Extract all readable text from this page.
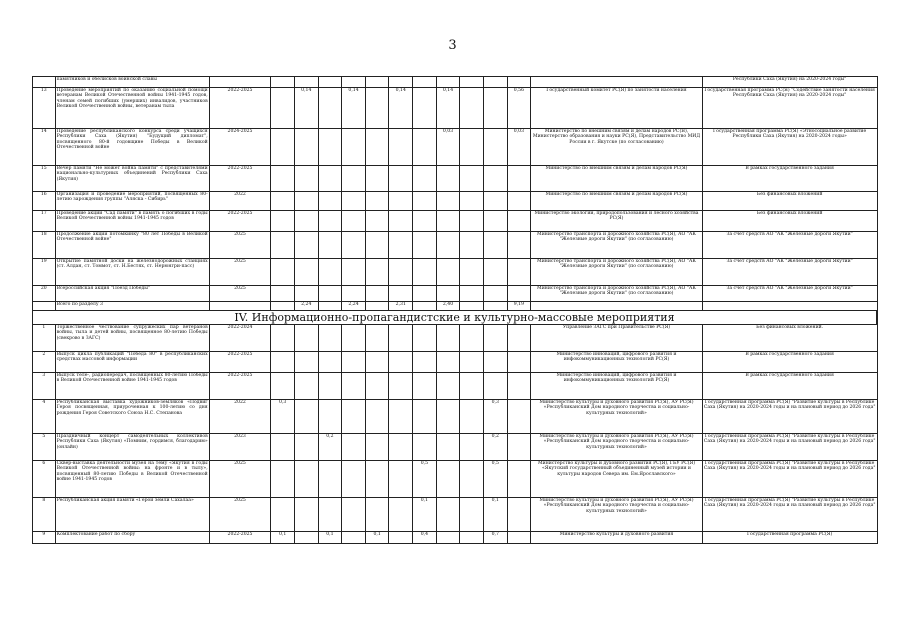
3
	памятников и обелисков воинской славы														Республики Саха (Якутия) на 2020-2024 годы"
13	Проведение мероприятий по оказанию социальной помощи ветеранам Великой Отечественной войны 1941-1945 годов, членам семей погибших (умерших) инвалидов, участников Великой Отечественной войны, ветеранам тыла	2022-2025		0,14		0,14		0,14		0,14			0,56	Государственный комитет РС(Я) по занятости населения	Государственная программа РС(Я) "Содействие занятости населения Республики Саха (Якутия) на 2020-2024 годы"
14	Проведение республиканского конкурса среди учащихся Республики Саха (Якутия) "Будущий дипломат", посвященного 80-й годовщине Победы в Великой Отечественной войне	2024-2025								0,03			0,03	Министерство по внешним связям и делам народов РС(Я), Министерство образования и науки РС(Я), Представительство МИД России в г. Якутске (по согласованию)	Государственная программа РС(Я) «Этносоциальное развитие Республики Саха (Якутия) на 2020-2024 годы»
15	Вечер памяти "Не может война памяти" с представителями национально-культурных объединений Республики Саха (Якутия)	2022-2025												Министерство по внешним связям и делам народов РС(Я)	В рамках государственного задания
16	Организация и проведение мероприятий, посвященных 80-летию зарождения группы "Аляска - Сибирь"	2022												Министерство по внешним связям и делам народов РС(Я)	Без финансовых вложений
17	Проведение акции "Сад памяти" в память о погибших в годы Великой Отечественной войны 1941-1945 годов	2022-2025												Министерство экологии, природопользования и лесного хозяйства РС(Я)	Без финансовых вложений
18	Продолжение акции потомкинку "80 лет Победы в Великой Отечественной войне"	2025												Министерство транспорта и дорожного хозяйства РС(Я), АО "АК "Железные дороги Якутии" (по согласованию)	За счет средств АО "АК "Железные дороги Якутии"
19	Открытие памятной доски на железнодорожных станциях (ст. Алдан, ст. Томмот, ст. Н.Бестях, ст. Нерюнгри-пасс)	2025												Министерство транспорта и дорожного хозяйства РС(Я), АО "АК "Железные дороги Якутии" (по согласованию)	За счет средств АО "АК "Железные дороги Якутии"
20	Всероссийская акция "Поезд Победы"	2025												Министерство транспорта и дорожного хозяйства РС(Я), АО "АК "Железные дороги Якутии" (по согласованию)	За счет средств АО "АК "Железные дороги Якутии"
	Всего по разделу 3			2,24		2,24		2,31		2,40			9,19		
IV. Информационно-пропагандистские и культурно-массовые мероприятия															
1	Торжественное чествование супружеских пар ветеранов войны, тыла и детей войны, посвященное 80-летию Победы (свекрово в ЗАГС)	2022-2024												Управление ЗАГС при Правительстве РС(Я)	Без финансовых вложений.
2	Выпуск цикла публикаций "Победа 80" в республиканских средствах массовой информации	2022-2025												Министерство инноваций, цифрового развития и инфокоммуникационных технологий РС(Я)	В рамках государственного задания
3	Выпуск теле-, радиопередач, посвященных 80-летию Победы в Великой Отечественной войне 1941-1945 годов	2022-2025												Министерство инноваций, цифрового развития и инфокоммуникационных технологий РС(Я)	В рамках государственного задания
4	Республиканская выставка художников-земляков «Подвиг Героя посвященная, приуроченная к 100-летию со дня рождения Героя Советского Союза Н.С. Степанова	2022	0,3									0,3		Министерство культуры и духовного развития РС(Я), АУ РС(Я) «Республиканский Дом народного творчества и социально-культурных технологий»	Государственная программа РС(Я) "Развитие культуры в Республике Саха (Якутия) на 2020-2024 годы и на плановый период до 2026 года"
5	Праздничный концерт самодеятельных коллективов Республики Саха (Якутия) «Помним, гордимся, благодарим» (онлайн)	2023			0,2							0,2		Министерство культуры и духовного развития РС(Я), АУ РС(Я) «Республиканский Дом народного творчества и социально-культурных технологий»	Государственная программа РС(Я) "Развитие культуры в Республике Саха (Якутия) на 2020-2024 годы и на плановый период до 2026 года"
6	Сквер-выставка деятельности музея на тему «Якутия в годы Великой Отечественной войны: на фронте и в тылу», посвященный 80-летию Победы в Великой Отечественной войне 1941-1945 годов	2025							0,5			0,5		Министерство культуры и духовного развития РС(Я), ГБУ РС(Я) «Якутский государственный объединенный музей истории и культуры народов Севера им. Ем.Ярославского»	Государственная программа РС(Я) "Развитие культуры в Республике Саха (Якутия) на 2020-2024 годы и на плановый период до 2026 года"
8	Республиканская акция памяти «Герои земли Сахалаа»	2025							0,1			0,1		Министерство культуры и духовного развития РС(Я), АУ РС(Я) «Республиканский Дом народного творчества и социально-культурных технологий»	Государственная программа РС(Я) "Развитие культуры в Республике Саха (Якутия) на 2020-2024 годы и на плановый период до 2026 года"
9	Комплектование работ по сбору	2022-2025	0,1		0,1		0,1		0,4			0,7		Министерство культуры и духовного развития	Государственная программа РС(Я)
